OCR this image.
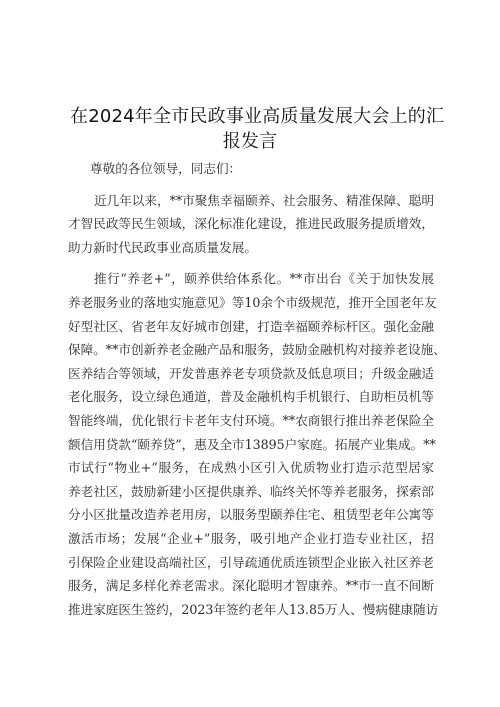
在2024年全市民政事业高质量发展大会上的汇
报发言
尊敬的各位领导，同志们：
近几年以来，**市聚焦幸福颐养、社会服务、精准保障、聪明
才智民政等民生领域，深化标准化建设，推进民政服务提质增效，
助力新时代民政事业高质量发展。
推行“养老+”，颐养供给体系化。**市出台《关于加快发展
养老服务业的落地实施意见》等10余个市级规范，推开全国老年友
好型社区、省老年友好城市创建，打造幸福颐养标杆区。强化金融
保障。**市创新养老金融产品和服务，鼓励金融机构对接养老设施、
医养结合等领域，开发普惠养老专项贷款及低息项目；升级金融适
老化服务，设立绿色通道，普及金融机构手机银行、自助柜员机等
智能终端，优化银行卡老年支付环境。**农商银行推出养老保险全
额信用贷款“颐养贷”，惠及全市13895户家庭。拓展产业集成。**
市试行“物业+”服务，在成熟小区引入优质物业打造示范型居家
养老社区，鼓励新建小区提供康养、临终关怀等养老服务，探索部
分小区批量改造养老用房，以服务型颐养住宅、租赁型老年公寓等
激活市场；发展“企业+”服务，吸引地产企业打造专业社区，招
引保险企业建设高端社区，引导疏通优质连锁型企业嵌入社区养老
服务，满足多样化养老需求。深化聪明才智康养。**市一直不间断
推进家庭医生签约，2023年签约老年人13.85万人、慢病健康随访
